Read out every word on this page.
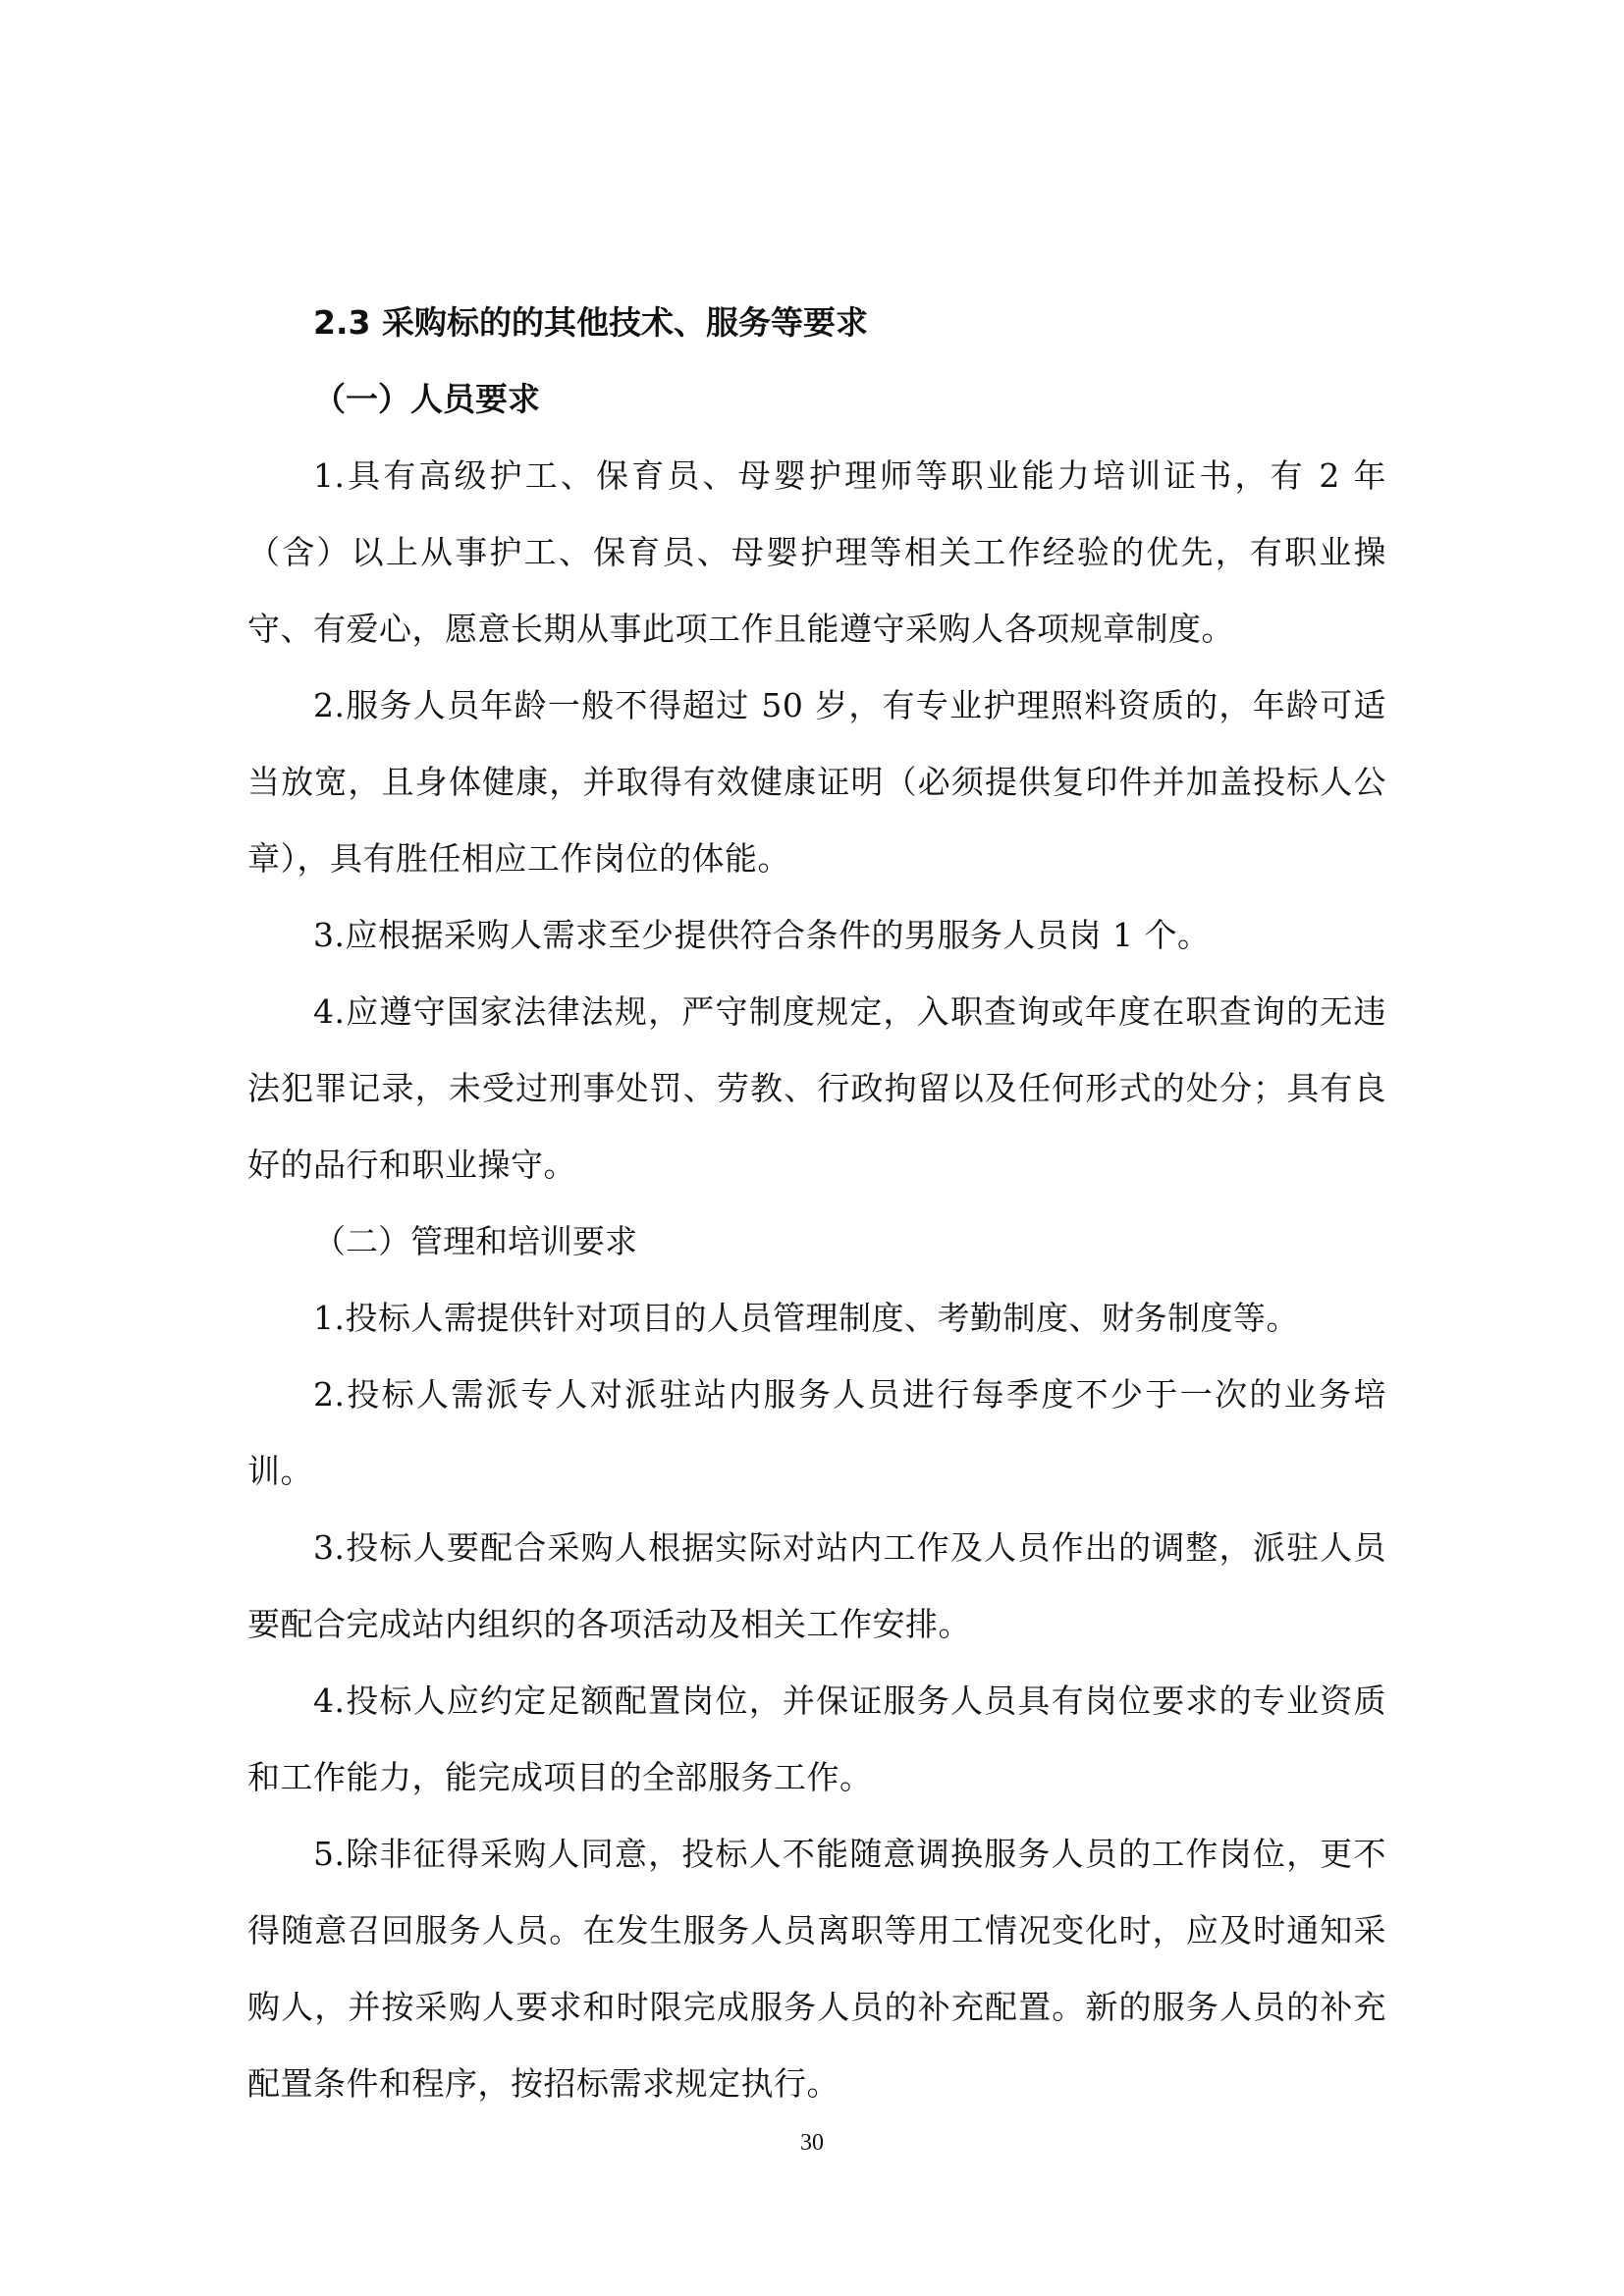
2.3 采购标的的其他技术、服务等要求
（一）人员要求

1.具有高级护工、保育员、母婴护理师等职业能力培训证书，有 2 年（含）以上从事护工、保育员、母婴护理等相关工作经验的优先，有职业操守、有爱心，愿意长期从事此项工作且能遵守采购人各项规章制度。

2.服务人员年龄一般不得超过 50 岁，有专业护理照料资质的，年龄可适当放宽，且身体健康，并取得有效健康证明（必须提供复印件并加盖投标人公章），具有胜任相应工作岗位的体能。

3.应根据采购人需求至少提供符合条件的男服务人员岗 1 个。

4.应遵守国家法律法规，严守制度规定，入职查询或年度在职查询的无违法犯罪记录，未受过刑事处罚、劳教、行政拘留以及任何形式的处分；具有良好的品行和职业操守。

（二）管理和培训要求

1.投标人需提供针对项目的人员管理制度、考勤制度、财务制度等。

2.投标人需派专人对派驻站内服务人员进行每季度不少于一次的业务培训。

3.投标人要配合采购人根据实际对站内工作及人员作出的调整，派驻人员要配合完成站内组织的各项活动及相关工作安排。

4.投标人应约定足额配置岗位，并保证服务人员具有岗位要求的专业资质和工作能力，能完成项目的全部服务工作。

5.除非征得采购人同意，投标人不能随意调换服务人员的工作岗位，更不得随意召回服务人员。在发生服务人员离职等用工情况变化时，应及时通知采购人，并按采购人要求和时限完成服务人员的补充配置。新的服务人员的补充配置条件和程序，按招标需求规定执行。

30
